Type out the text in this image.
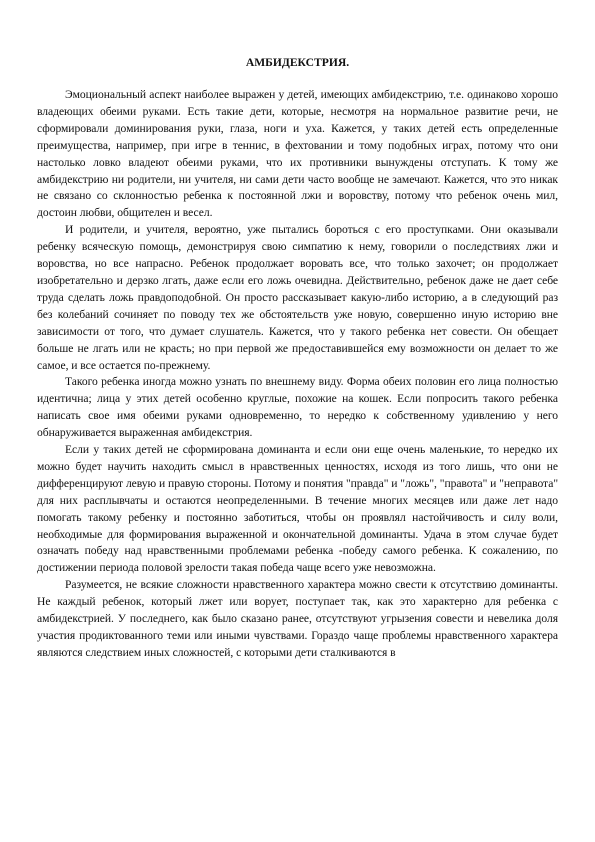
АМБИДЕКСТРИЯ.

Эмоциональный аспект наиболее выражен у детей, имеющих амбидекстрию, т.е. одинаково хорошо владеющих обеими руками. Есть такие дети, которые, несмотря на нормальное развитие речи, не сформировали доминирования руки, глаза, ноги и уха. Кажется, у таких детей есть определенные преимущества, например, при игре в теннис, в фехтовании и тому подобных играх, потому что они настолько ловко владеют обеими руками, что их противники вынуждены отступать. К тому же амбидекстрию ни родители, ни учителя, ни сами дети часто вообще не замечают. Кажется, что это никак не связано со склонностью ребенка к постоянной лжи и воровству, потому что ребенок очень мил, достоин любви, общителен и весел.

И родители, и учителя, вероятно, уже пытались бороться с его проступками. Они оказывали ребенку всяческую помощь, демонстрируя свою симпатию к нему, говорили о последствиях лжи и воровства, но все напрасно. Ребенок продолжает воровать все, что только захочет; он продолжает изобретательно и дерзко лгать, даже если его ложь очевидна. Действительно, ребенок даже не дает себе труда сделать ложь правдоподобной. Он просто рассказывает какую-либо историю, а в следующий раз без колебаний сочиняет по поводу тех же обстоятельств уже новую, совершенно иную историю вне зависимости от того, что думает слушатель. Кажется, что у такого ребенка нет совести. Он обещает больше не лгать или не красть; но при первой же предоставившейся ему возможности он делает то же самое, и все остается по-прежнему.

Такого ребенка иногда можно узнать по внешнему виду. Форма обеих половин его лица полностью идентична; лица у этих детей особенно круглые, похожие на кошек. Если попросить такого ребенка написать свое имя обеими руками одновременно, то нередко к собственному удивлению у него обнаруживается выраженная амбидекстрия.

Если у таких детей не сформирована доминанта и если они еще очень маленькие, то нередко их можно будет научить находить смысл в нравственных ценностях, исходя из того лишь, что они не дифференцируют левую и правую стороны. Потому и понятия "правда" и "ложь", "правота" и "неправота" для них расплывчаты и остаются неопределенными. В течение многих месяцев или даже лет надо помогать такому ребенку и постоянно заботиться, чтобы он проявлял настойчивость и силу воли, необходимые для формирования выраженной и окончательной доминанты. Удача в этом случае будет означать победу над нравственными проблемами ребенка -победу самого ребенка. К сожалению, по достижении периода половой зрелости такая победа чаще всего уже невозможна.

Разумеется, не всякие сложности нравственного характера можно свести к отсутствию доминанты. Не каждый ребенок, который лжет или ворует, поступает так, как это характерно для ребенка с амбидекстрией. У последнего, как было сказано ранее, отсутствуют угрызения совести и невелика доля участия продиктованного теми или иными чувствами. Гораздо чаще проблемы нравственного характера являются следствием иных сложностей, с которыми дети сталкиваются в
